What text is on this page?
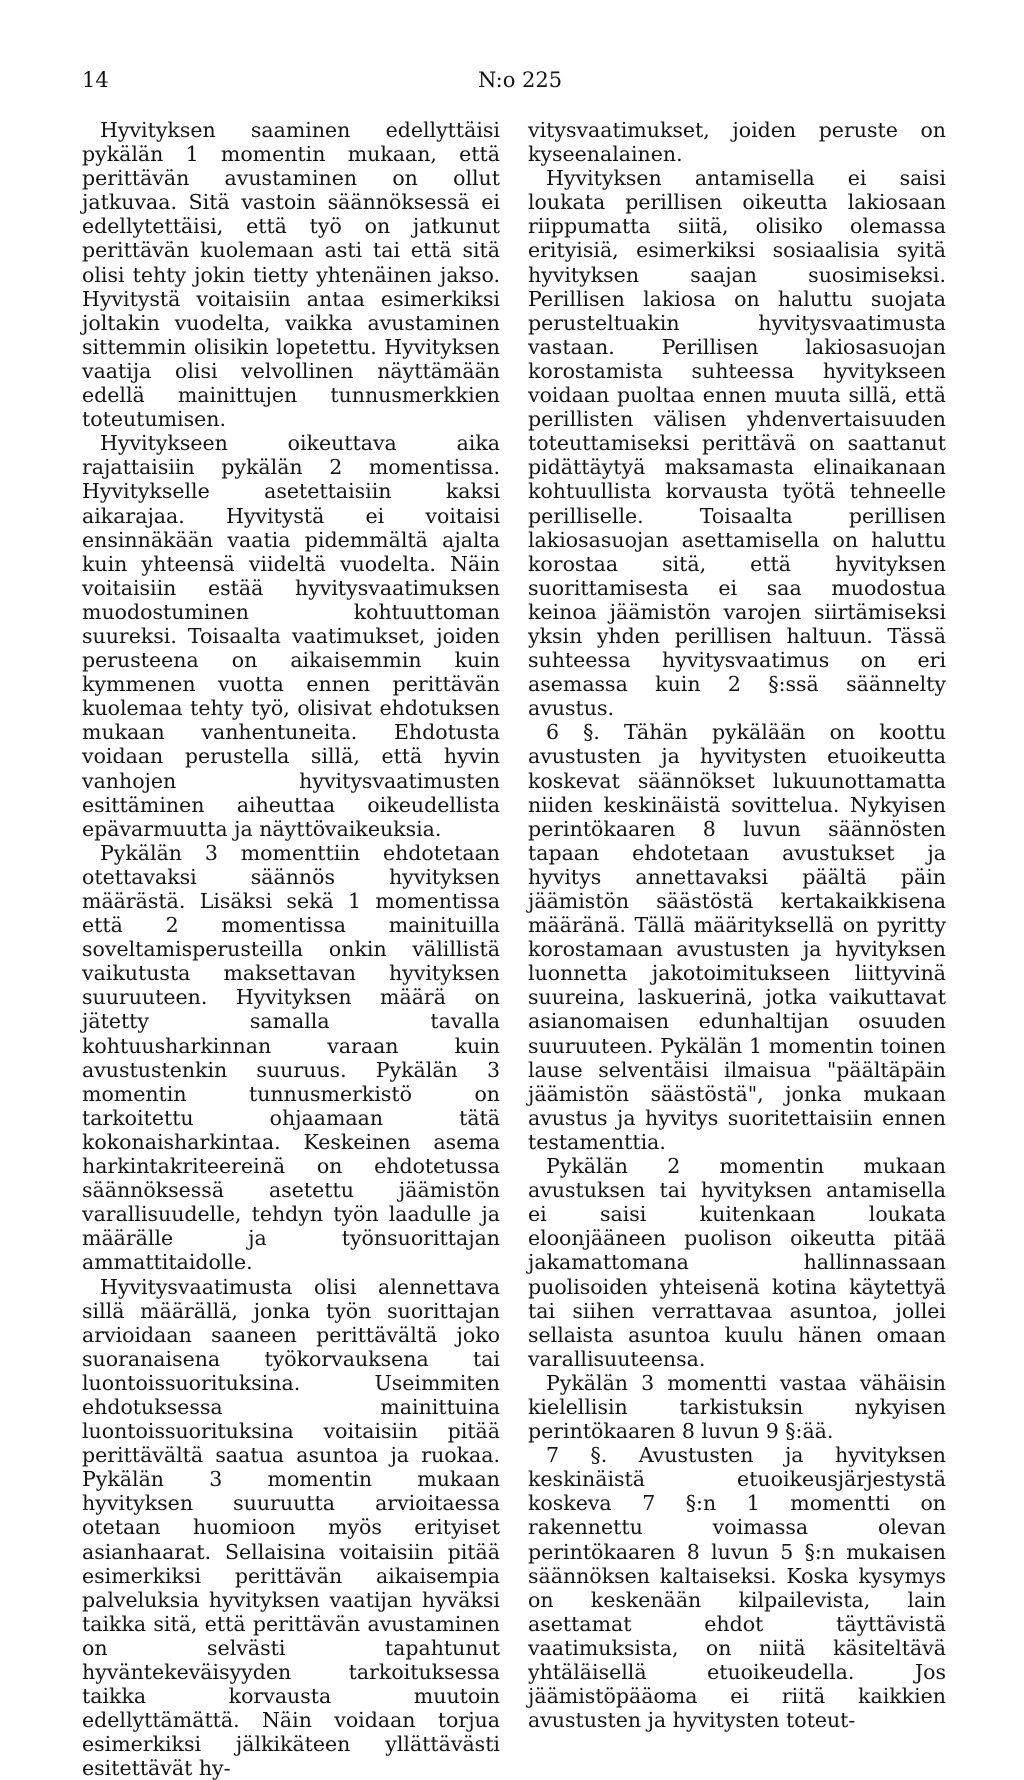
14	N:o 225

Hyvityksen saaminen edellyttäisi pykälän 1 momentin mukaan, että perittävän avustaminen on ollut jatkuvaa. Sitä vastoin säännöksessä ei edellytettäisi, että työ on jatkunut perittävän kuolemaan asti tai että sitä olisi tehty jokin tietty yhtenäinen jakso. Hyvitystä voitaisiin antaa esimerkiksi joltakin vuodelta, vaikka avustaminen sittemmin olisikin lopetettu. Hyvityksen vaatija olisi velvollinen näyttämään edellä mainittujen tunnusmerkkien toteutumisen.

Hyvitykseen oikeuttava aika rajattaisiin pykälän 2 momentissa. Hyvitykselle asetettaisiin kaksi aikarajaa. Hyvitystä ei voitaisi ensinnäkään vaatia pidemmältä ajalta kuin yhteensä viideltä vuodelta. Näin voitaisiin estää hyvitysvaatimuksen muodostuminen kohtuuttoman suureksi. Toisaalta vaatimukset, joiden perusteena on aikaisemmin kuin kymmenen vuotta ennen perittävän kuolemaa tehty työ, olisivat ehdotuksen mukaan vanhentuneita. Ehdotusta voidaan perustella sillä, että hyvin vanhojen hyvitysvaatimusten esittäminen aiheuttaa oikeudellista epävarmuutta ja näyttövaikeuksia.

Pykälän 3 momenttiin ehdotetaan otettavaksi säännös hyvityksen määrästä. Lisäksi sekä 1 momentissa että 2 momentissa mainituilla soveltamisperusteilla onkin välillistä vaikutusta maksettavan hyvityksen suuruuteen. Hyvityksen määrä on jätetty samalla tavalla kohtuusharkinnan varaan kuin avustustenkin suuruus. Pykälän 3 momentin tunnusmerkistö on tarkoitettu ohjaamaan tätä kokonaisharkintaa. Keskeinen asema harkintakriteereinä on ehdotetussa säännöksessä asetettu jäämistön varallisuudelle, tehdyn työn laadulle ja määrälle ja työnsuorittajan ammattitaidolle.

Hyvitysvaatimusta olisi alennettava sillä määrällä, jonka työn suorittajan arvioidaan saaneen perittävältä joko suoranaisena työkorvauksena tai luontoissuorituksina. Useimmiten ehdotuksessa mainittuina luontoissuorituksina voitaisiin pitää perittävältä saatua asuntoa ja ruokaa. Pykälän 3 momentin mukaan hyvityksen suuruutta arvioitaessa otetaan huomioon myös erityiset asianhaarat. Sellaisina voitaisiin pitää esimerkiksi perittävän aikaisempia palveluksia hyvityksen vaatijan hyväksi taikka sitä, että perittävän avustaminen on selvästi tapahtunut hyväntekeväisyyden tarkoituksessa taikka korvausta muutoin edellyttämättä. Näin voidaan torjua esimerkiksi jälkikäteen yllättävästi esitettävät hy-

vitysvaatimukset, joiden peruste on kyseenalainen.

Hyvityksen antamisella ei saisi loukata perillisen oikeutta lakiosaan riippumatta siitä, olisiko olemassa erityisiä, esimerkiksi sosiaalisia syitä hyvityksen saajan suosimiseksi. Perillisen lakiosa on haluttu suojata perusteltuakin hyvitysvaatimusta vastaan. Perillisen lakiosasuojan korostamista suhteessa hyvitykseen voidaan puoltaa ennen muuta sillä, että perillisten välisen yhdenvertaisuuden toteuttamiseksi perittävä on saattanut pidättäytyä maksamasta elinaikanaan kohtuullista korvausta työtä tehneelle perilliselle. Toisaalta perillisen lakiosasuojan asettamisella on haluttu korostaa sitä, että hyvityksen suorittamisesta ei saa muodostua keinoa jäämistön varojen siirtämiseksi yksin yhden perillisen haltuun. Tässä suhteessa hyvitysvaatimus on eri asemassa kuin 2 §:ssä säännelty avustus.

6 §. Tähän pykälään on koottu avustusten ja hyvitysten etuoikeutta koskevat säännökset lukuunottamatta niiden keskinäistä sovittelua. Nykyisen perintökaaren 8 luvun säännösten tapaan ehdotetaan avustukset ja hyvitys annettavaksi päältä päin jäämistön säästöstä kertakaikkisena määränä. Tällä määrityksellä on pyritty korostamaan avustusten ja hyvityksen luonnetta jakotoimitukseen liittyvinä suureina, laskuerinä, jotka vaikuttavat asianomaisen edunhaltijan osuuden suuruuteen. Pykälän 1 momentin toinen lause selventäisi ilmaisua "päältäpäin jäämistön säästöstä", jonka mukaan avustus ja hyvitys suoritettaisiin ennen testamenttia.

Pykälän 2 momentin mukaan avustuksen tai hyvityksen antamisella ei saisi kuitenkaan loukata eloonjääneen puolison oikeutta pitää jakamattomana hallinnassaan puolisoiden yhteisenä kotina käytettyä tai siihen verrattavaa asuntoa, jollei sellaista asuntoa kuulu hänen omaan varallisuuteensa.

Pykälän 3 momentti vastaa vähäisin kielellisin tarkistuksin nykyisen perintökaaren 8 luvun 9 §:ää.

7 §. Avustusten ja hyvityksen keskinäistä etuoikeusjärjestystä koskeva 7 §:n 1 momentti on rakennettu voimassa olevan perintökaaren 8 luvun 5 §:n mukaisen säännöksen kaltaiseksi. Koska kysymys on keskenään kilpailevista, lain asettamat ehdot täyttävistä vaatimuksista, on niitä käsiteltävä yhtäläisellä etuoikeudella. Jos jäämistöpääoma ei riitä kaikkien avustusten ja hyvitysten toteut-
